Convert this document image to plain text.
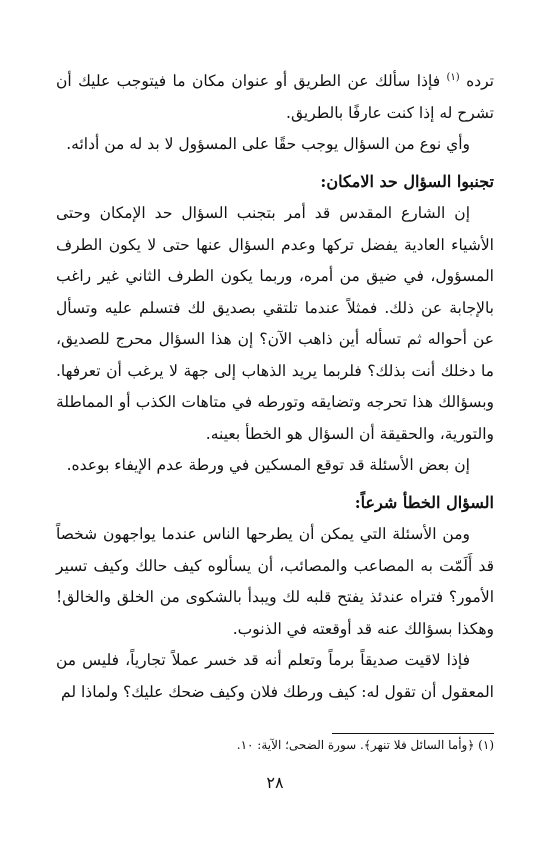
ترده $^{(١)}$ فإذا سألك عن الطريق أو عنوان مكان ما فيتوجب عليك أن تشرح له إذا كنت عارفًا بالطريق.

وأي نوع من السؤال يوجب حقًا على المسؤول لا بد له من أدائه.

تجنبوا السؤال حد الامكان:

إن الشارع المقدس قد أمر بتجنب السؤال حد الإمكان وحتى الأشياء العادية يفضل تركها وعدم السؤال عنها حتى لا يكون الطرف المسؤول، في ضيق من أمره، وربما يكون الطرف الثاني غير راغب بالإجابة عن ذلك. فمثلاً عندما تلتقي بصديق لك فتسلم عليه وتسأل عن أحواله ثم تسأله أين ذاهب الآن؟ إن هذا السؤال محرج للصديق، ما دخلك أنت بذلك؟ فلربما يريد الذهاب إلى جهة لا يرغب أن تعرفها. وبسؤالك هذا تحرجه وتضايقه وتورطه في متاهات الكذب أو المماطلة والتورية، والحقيقة أن السؤال هو الخطأ بعينه.

إن بعض الأسئلة قد توقع المسكين في ورطة عدم الإيفاء بوعده.

السؤال الخطأ شرعاً:

ومن الأسئلة التي يمكن أن يطرحها الناس عندما يواجهون شخصاً قد أَلَمّت به المصاعب والمصائب، أن يسألوه كيف حالك وكيف تسير الأمور؟ فتراه عندئذ يفتح قلبه لك ويبدأ بالشكوى من الخلق والخالق! وهكذا بسؤالك عنه قد أوقعته في الذنوب.

فإذا لاقيت صديقاً برماً وتعلم أنه قد خسر عملاً تجارياً، فليس من المعقول أن تقول له: كيف ورطك فلان وكيف ضحك عليك؟ ولماذا لم

(١) ﴿وأما السائل فلا تنهر﴾. سورة الضحى؛ الآية: ١٠.
٢٨
